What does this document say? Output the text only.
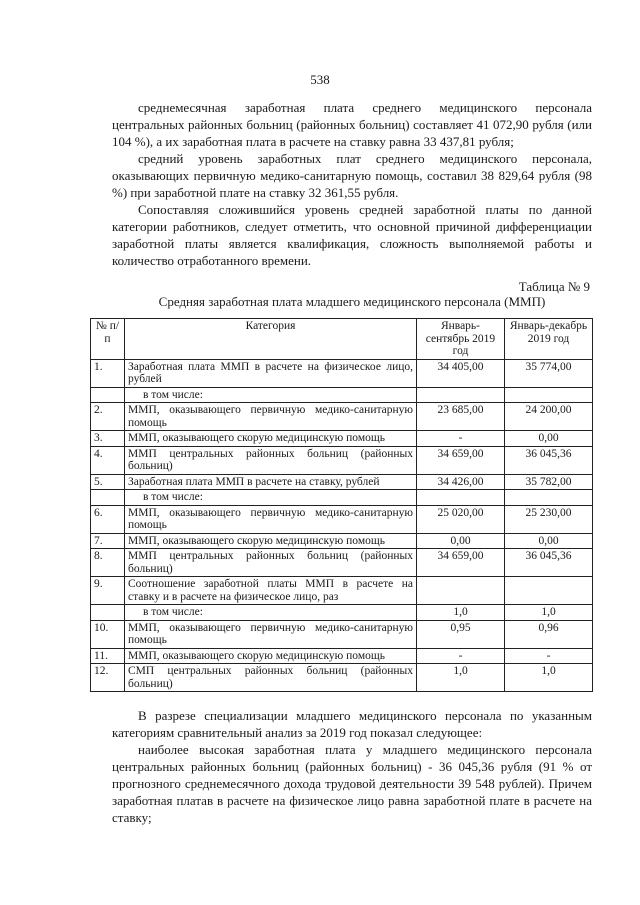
538

среднемесячная заработная плата среднего медицинского персонала центральных районных больниц (районных больниц) составляет 41 072,90 рубля (или 104 %), а их заработная плата в расчете на ставку равна 33 437,81 рубля;

средний уровень заработных плат среднего медицинского персонала, оказывающих первичную медико-санитарную помощь, составил 38 829,64 рубля (98 %) при заработной плате на ставку 32 361,55 рубля.

Сопоставляя сложившийся уровень средней заработной платы по данной категории работников, следует отметить, что основной причиной дифференциации заработной платы является квалификация, сложность выполняемой работы и количество отработанного времени.

Таблица № 9
Средняя заработная плата младшего медицинского персонала (ММП)
№ п/п	Категория	Январь-сентябрь 2019 год	Январь-декабрь 2019 год
1.	Заработная плата ММП в расчете на физическое лицо, рублей	34 405,00	35 774,00
	в том числе:		
2.	ММП, оказывающего первичную медико-санитарную помощь	23 685,00	24 200,00
3.	ММП, оказывающего скорую медицинскую помощь	-	0,00
4.	ММП центральных районных больниц (районных больниц)	34 659,00	36 045,36
5.	Заработная плата ММП в расчете на ставку, рублей	34 426,00	35 782,00
	в том числе:		
6.	ММП, оказывающего первичную медико-санитарную помощь	25 020,00	25 230,00
7.	ММП, оказывающего скорую медицинскую помощь	0,00	0,00
8.	ММП центральных районных больниц (районных больниц)	34 659,00	36 045,36
9.	Соотношение заработной платы ММП в расчете на ставку и в расчете на физическое лицо, раз		
	в том числе:	1,0	1,0
10.	ММП, оказывающего первичную медико-санитарную помощь	0,95	0,96
11.	ММП, оказывающего скорую медицинскую помощь	-	-
12.	СМП центральных районных больниц (районных больниц)	1,0	1,0

В разрезе специализации младшего медицинского персонала по указанным категориям сравнительный анализ за 2019 год показал следующее:

наиболее высокая заработная плата у младшего медицинского персонала центральных районных больниц (районных больниц) - 36 045,36 рубля (91 % от прогнозного среднемесячного дохода трудовой деятельности 39 548 рублей). Причем заработная платав в расчете на физическое лицо равна заработной плате в расчете на ставку;
